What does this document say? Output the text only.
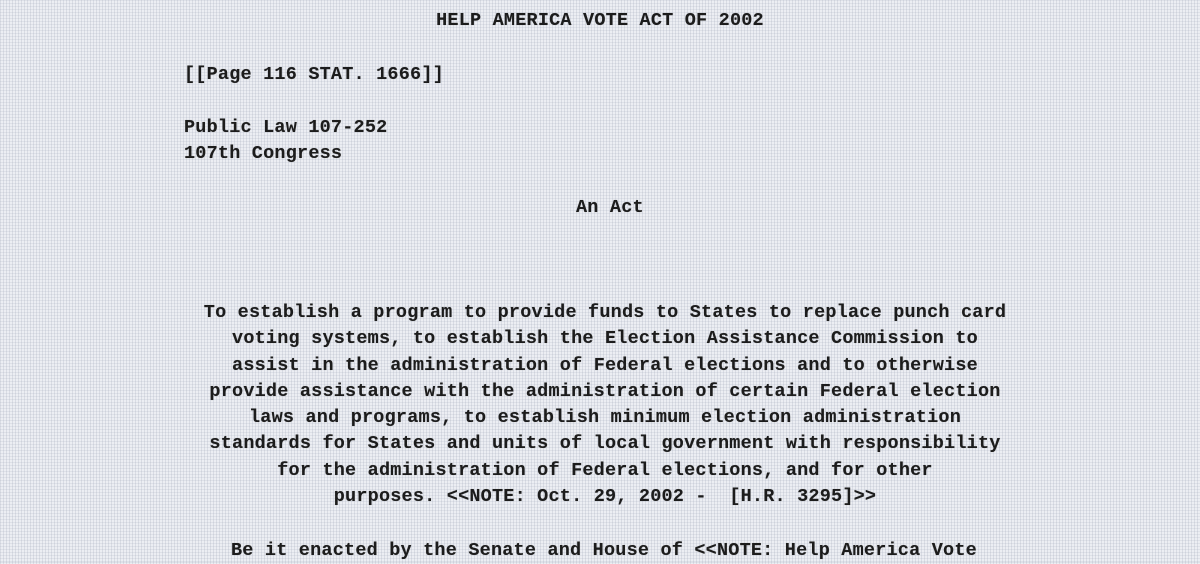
HELP AMERICA VOTE ACT OF 2002
[[Page 116 STAT. 1666]]
Public Law 107-252
107th Congress
An Act
To establish a program to provide funds to States to replace punch card
voting systems, to establish the Election Assistance Commission to
assist in the administration of Federal elections and to otherwise
provide assistance with the administration of certain Federal election
laws and programs, to establish minimum election administration
standards for States and units of local government with responsibility
for the administration of Federal elections, and for other
purposes. <<NOTE: Oct. 29, 2002 -  [H.R. 3295]>>
Be it enacted by the Senate and House of <<NOTE: Help America Vote
